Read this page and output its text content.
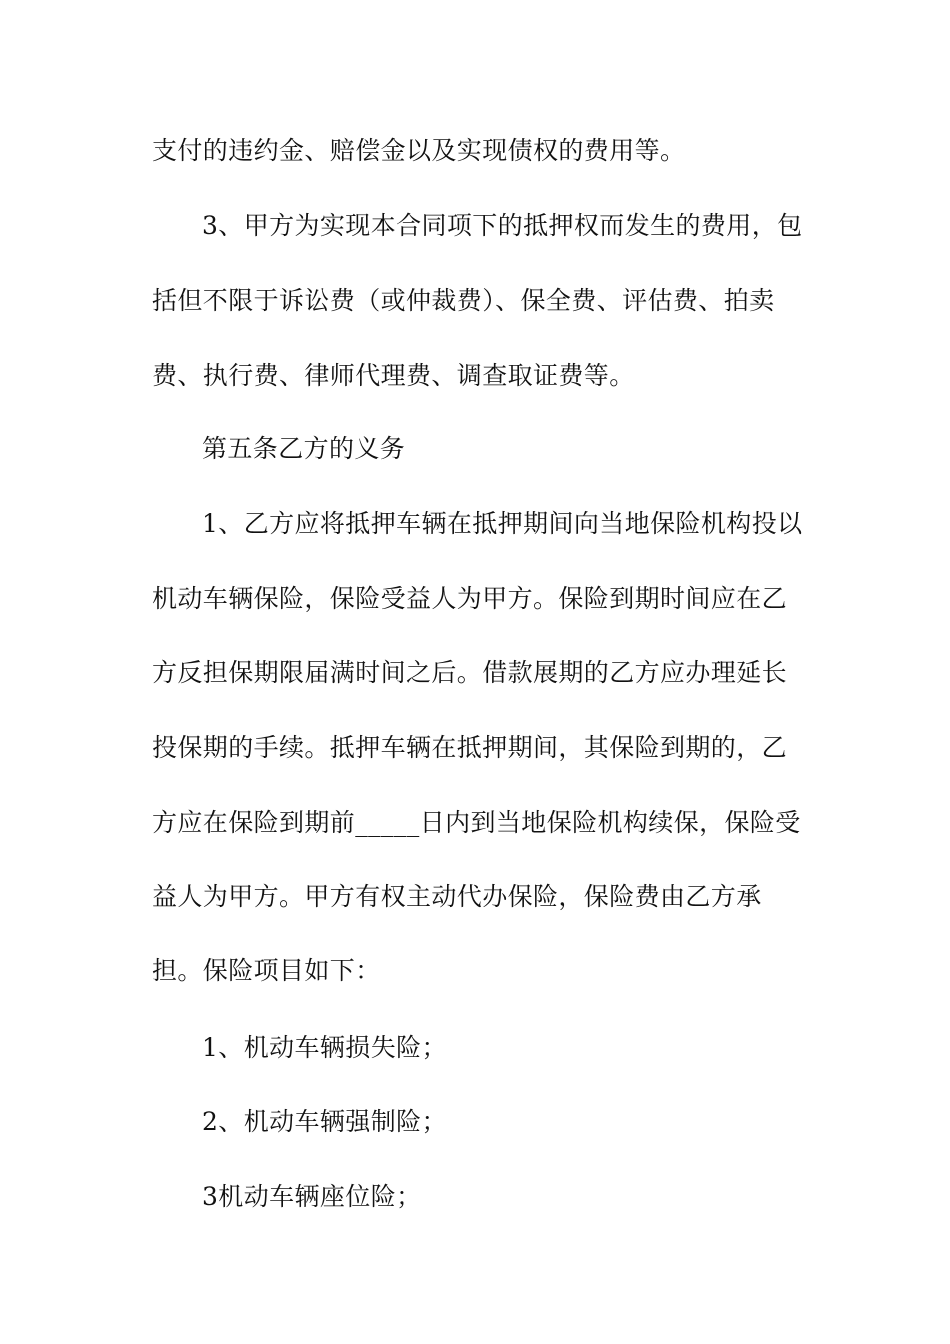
支付的违约金、赔偿金以及实现债权的费用等。
3、甲方为实现本合同项下的抵押权而发生的费用，包
括但不限于诉讼费（或仲裁费）、保全费、评估费、拍卖
费、执行费、律师代理费、调查取证费等。
第五条乙方的义务
1、乙方应将抵押车辆在抵押期间向当地保险机构投以
机动车辆保险，保险受益人为甲方。保险到期时间应在乙
方反担保期限届满时间之后。借款展期的乙方应办理延长
投保期的手续。抵押车辆在抵押期间，其保险到期的，乙
方应在保险到期前_____日内到当地保险机构续保，保险受
益人为甲方。甲方有权主动代办保险，保险费由乙方承
担。保险项目如下：
1、机动车辆损失险；
2、机动车辆强制险；
3机动车辆座位险；
